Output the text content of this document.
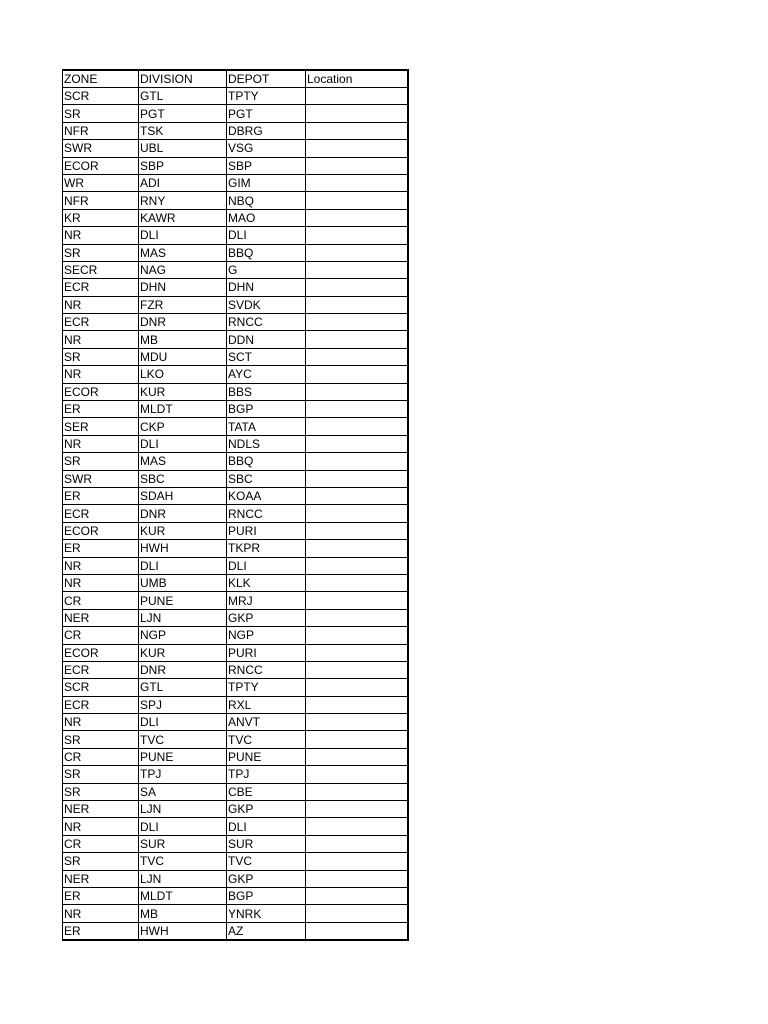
ZONE	DIVISION	DEPOT	Location
SCR	GTL	TPTY	
SR	PGT	PGT	
NFR	TSK	DBRG	
SWR	UBL	VSG	
ECOR	SBP	SBP	
WR	ADI	GIM	
NFR	RNY	NBQ	
KR	KAWR	MAO	
NR	DLI	DLI	
SR	MAS	BBQ	
SECR	NAG	G	
ECR	DHN	DHN	
NR	FZR	SVDK	
ECR	DNR	RNCC	
NR	MB	DDN	
SR	MDU	SCT	
NR	LKO	AYC	
ECOR	KUR	BBS	
ER	MLDT	BGP	
SER	CKP	TATA	
NR	DLI	NDLS	
SR	MAS	BBQ	
SWR	SBC	SBC	
ER	SDAH	KOAA	
ECR	DNR	RNCC	
ECOR	KUR	PURI	
ER	HWH	TKPR	
NR	DLI	DLI	
NR	UMB	KLK	
CR	PUNE	MRJ	
NER	LJN	GKP	
CR	NGP	NGP	
ECOR	KUR	PURI	
ECR	DNR	RNCC	
SCR	GTL	TPTY	
ECR	SPJ	RXL	
NR	DLI	ANVT	
SR	TVC	TVC	
CR	PUNE	PUNE	
SR	TPJ	TPJ	
SR	SA	CBE	
NER	LJN	GKP	
NR	DLI	DLI	
CR	SUR	SUR	
SR	TVC	TVC	
NER	LJN	GKP	
ER	MLDT	BGP	
NR	MB	YNRK	
ER	HWH	AZ	
